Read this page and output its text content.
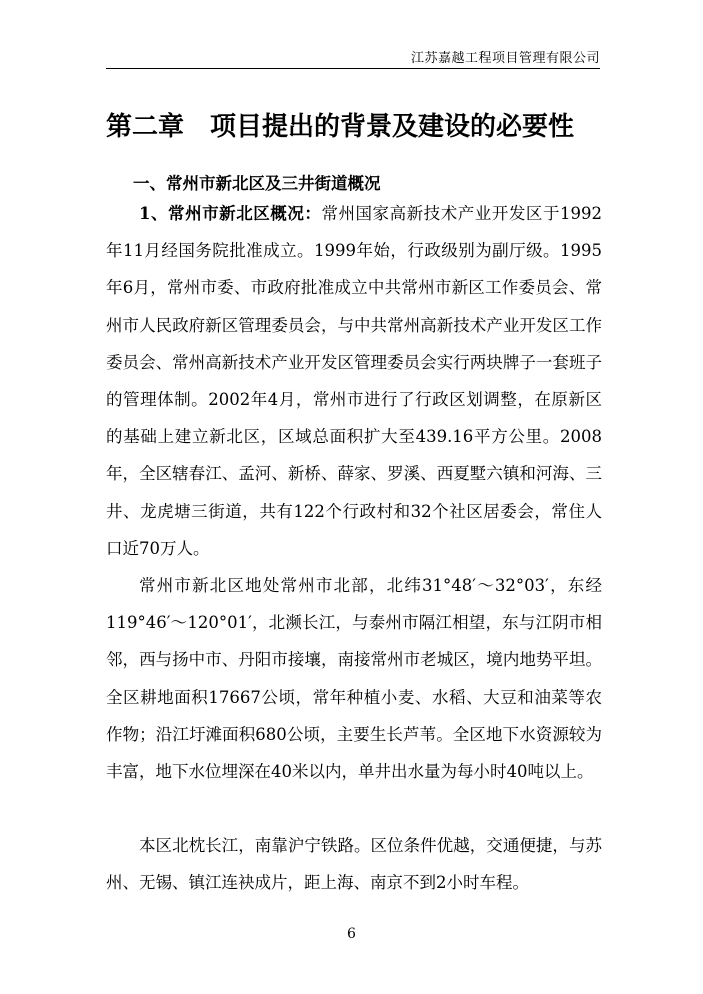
江苏嘉越工程项目管理有限公司
第二章　项目提出的背景及建设的必要性
一、常州市新北区及三井街道概况
1、常州市新北区概况：常州国家高新技术产业开发区于1992年11月经国务院批准成立。1999年始，行政级别为副厅级。1995年6月，常州市委、市政府批准成立中共常州市新区工作委员会、常州市人民政府新区管理委员会，与中共常州高新技术产业开发区工作委员会、常州高新技术产业开发区管理委员会实行两块牌子一套班子的管理体制。2002年4月，常州市进行了行政区划调整，在原新区的基础上建立新北区，区域总面积扩大至439.16平方公里。2008年，全区辖春江、孟河、新桥、薛家、罗溪、西夏墅六镇和河海、三井、龙虎塘三街道，共有122个行政村和32个社区居委会，常住人口近70万人。
常州市新北区地处常州市北部，北纬31°48′～32°03′，东经119°46′～120°01′，北濒长江，与泰州市隔江相望，东与江阴市相邻，西与扬中市、丹阳市接壤，南接常州市老城区，境内地势平坦。全区耕地面积17667公顷，常年种植小麦、水稻、大豆和油菜等农作物；沿江圩滩面积680公顷，主要生长芦苇。全区地下水资源较为丰富，地下水位埋深在40米以内，单井出水量为每小时40吨以上。
本区北枕长江，南靠沪宁铁路。区位条件优越，交通便捷，与苏州、无锡、镇江连袂成片，距上海、南京不到2小时车程。
6
